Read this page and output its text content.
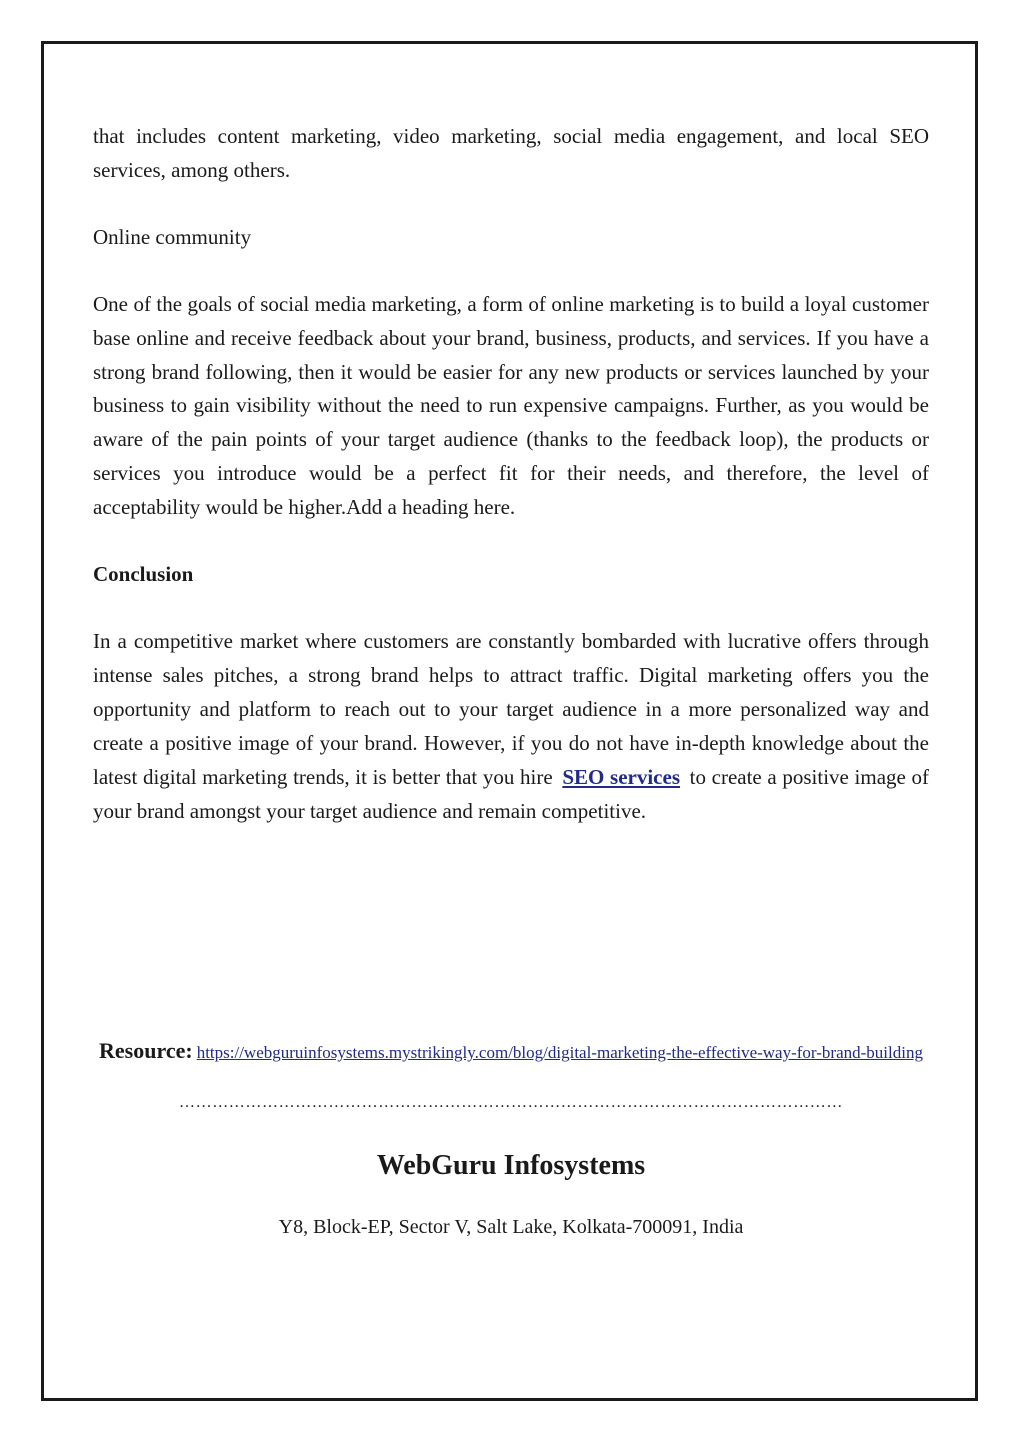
that includes content marketing, video marketing, social media engagement, and local SEO services, among others.

Online community

One of the goals of social media marketing, a form of online marketing is to build a loyal customer base online and receive feedback about your brand, business, products, and services. If you have a strong brand following, then it would be easier for any new products or services launched by your business to gain visibility without the need to run expensive campaigns. Further, as you would be aware of the pain points of your target audience (thanks to the feedback loop), the products or services you introduce would be a perfect fit for their needs, and therefore, the level of acceptability would be higher.Add a heading here.

Conclusion

In a competitive market where customers are constantly bombarded with lucrative offers through intense sales pitches, a strong brand helps to attract traffic. Digital marketing offers you the opportunity and platform to reach out to your target audience in a more personalized way and create a positive image of your brand. However, if you do not have in-depth knowledge about the latest digital marketing trends, it is better that you hire SEO services to create a positive image of your brand amongst your target audience and remain competitive.

Resource: https://webguruinfosystems.mystrikingly.com/blog/digital-marketing-the-effective-way-for-brand-building
…………………………………………………………………………………………………………
WebGuru Infosystems
Y8, Block-EP, Sector V, Salt Lake, Kolkata-700091, India
